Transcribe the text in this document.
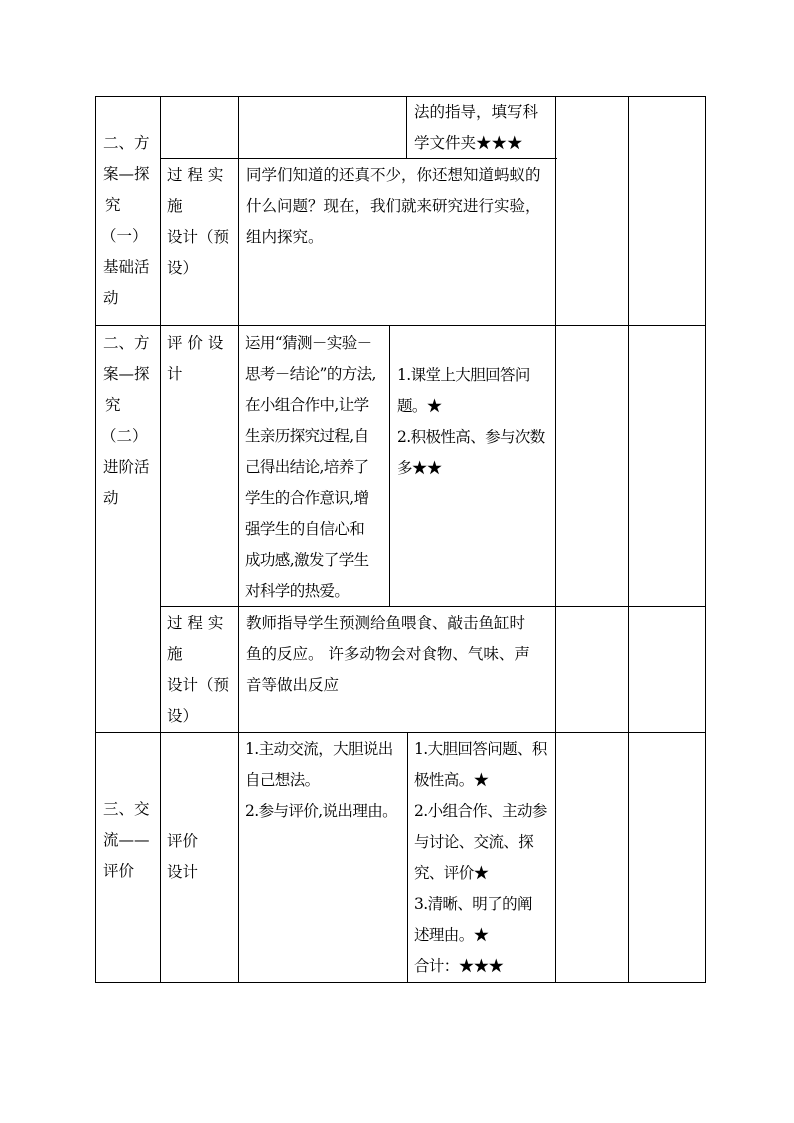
二、方
案—探
究
（一）
基础活
动
法的指导，填写科
学文件夹★★★
过 程 实
施
设计（预
设）
同学们知道的还真不少，你还想知道蚂蚁的
什么问题？现在，我们就来研究进行实验，
组内探究。
二、方
案—探
究
（二）
进阶活
动
评 价 设
计
运用“猜测－实验－
思考－结论”的方法,
在小组合作中,让学
生亲历探究过程,自
己得出结论,培养了
学生的合作意识,增
强学生的自信心和
成功感,激发了学生
对科学的热爱。
1.课堂上大胆回答问
题。★
2.积极性高、参与次数
多★★
过 程 实
施
设计（预
设）
教师指导学生预测给鱼喂食、敲击鱼缸时
鱼的反应。 许多动物会对食物、气味、声
音等做出反应
三、交
流——
评价
评价
设计
1.主动交流，大胆说出
自己想法。
2.参与评价,说出理由。
1.大胆回答问题、积
极性高。★
2.小组合作、主动参
与讨论、交流、探
究、评价★
3.清晰、明了的阐
述理由。★
合计：★★★
